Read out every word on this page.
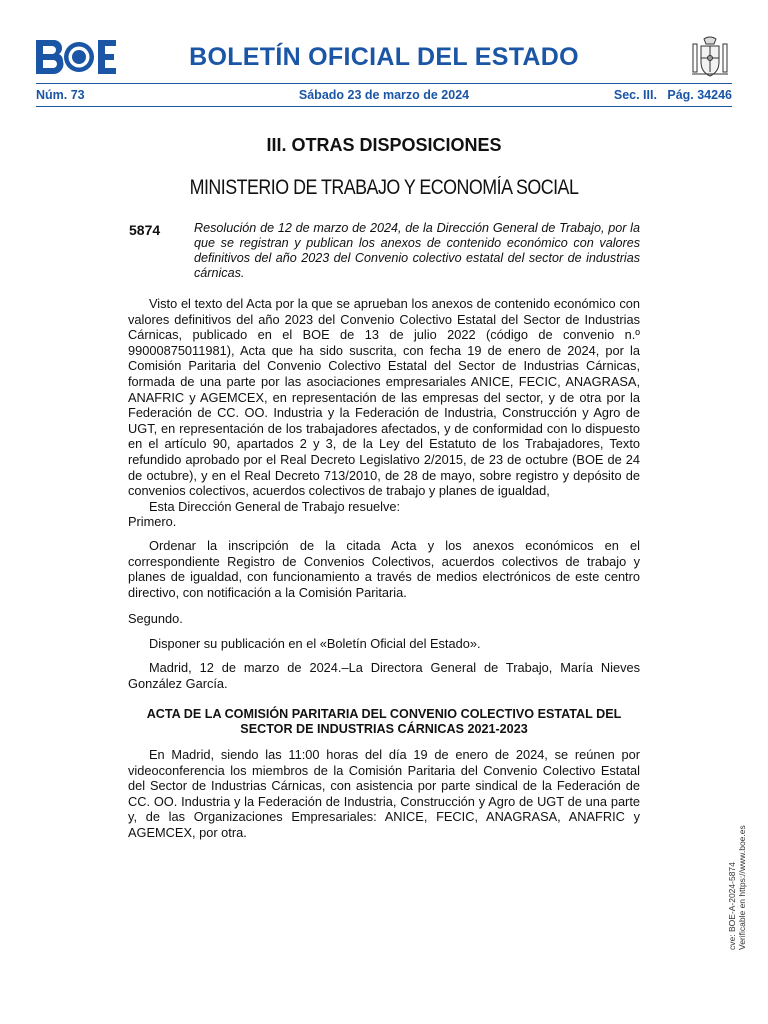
BOLETÍN OFICIAL DEL ESTADO
Núm. 73	Sábado 23 de marzo de 2024	Sec. III.   Pág. 34246
III. OTRAS DISPOSICIONES
MINISTERIO DE TRABAJO Y ECONOMÍA SOCIAL
5874	Resolución de 12 de marzo de 2024, de la Dirección General de Trabajo, por la que se registran y publican los anexos de contenido económico con valores definitivos del año 2023 del Convenio colectivo estatal del sector de industrias cárnicas.

Visto el texto del Acta por la que se aprueban los anexos de contenido económico con valores definitivos del año 2023 del Convenio Colectivo Estatal del Sector de Industrias Cárnicas, publicado en el BOE de 13 de julio 2022 (código de convenio n.º 99000875011981), Acta que ha sido suscrita, con fecha 19 de enero de 2024, por la Comisión Paritaria del Convenio Colectivo Estatal del Sector de Industrias Cárnicas, formada de una parte por las asociaciones empresariales ANICE, FECIC, ANAGRASA, ANAFRIC y AGEMCEX, en representación de las empresas del sector, y de otra por la Federación de CC. OO. Industria y la Federación de Industria, Construcción y Agro de UGT, en representación de los trabajadores afectados, y de conformidad con lo dispuesto en el artículo 90, apartados 2 y 3, de la Ley del Estatuto de los Trabajadores, Texto refundido aprobado por el Real Decreto Legislativo 2/2015, de 23 de octubre (BOE de 24 de octubre), y en el Real Decreto 713/2010, de 28 de mayo, sobre registro y depósito de convenios colectivos, acuerdos colectivos de trabajo y planes de igualdad,

Esta Dirección General de Trabajo resuelve:

Primero.
Ordenar la inscripción de la citada Acta y los anexos económicos en el correspondiente Registro de Convenios Colectivos, acuerdos colectivos de trabajo y planes de igualdad, con funcionamiento a través de medios electrónicos de este centro directivo, con notificación a la Comisión Paritaria.
Segundo.
Disponer su publicación en el «Boletín Oficial del Estado».
Madrid, 12 de marzo de 2024.–La Directora General de Trabajo, María Nieves González García.
ACTA DE LA COMISIÓN PARITARIA DEL CONVENIO COLECTIVO ESTATAL DEL SECTOR DE INDUSTRIAS CÁRNICAS 2021-2023
En Madrid, siendo las 11:00 horas del día 19 de enero de 2024, se reúnen por videoconferencia los miembros de la Comisión Paritaria del Convenio Colectivo Estatal del Sector de Industrias Cárnicas, con asistencia por parte sindical de la Federación de CC. OO. Industria y la Federación de Industria, Construcción y Agro de UGT de una parte y, de las Organizaciones Empresariales: ANICE, FECIC, ANAGRASA, ANAFRIC y AGEMCEX, por otra.
cve: BOE-A-2024-5874 Verificable en https://www.boe.es
